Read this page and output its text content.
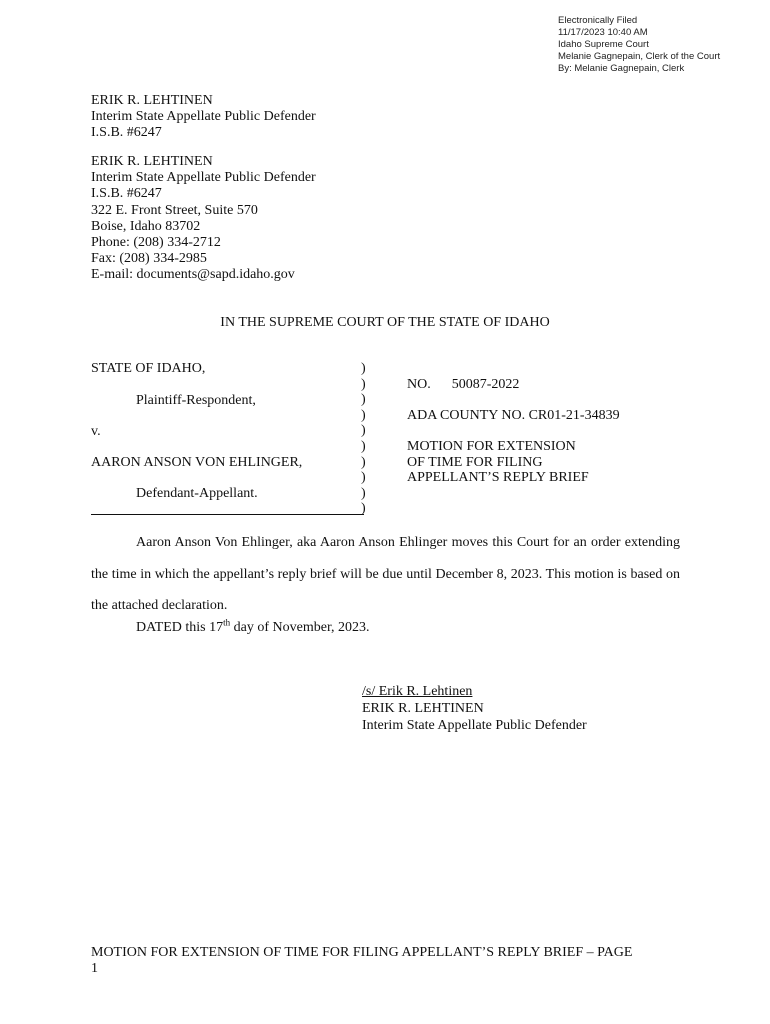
Electronically Filed
11/17/2023 10:40 AM
Idaho Supreme Court
Melanie Gagnepain, Clerk of the Court
By: Melanie Gagnepain, Clerk
ERIK R. LEHTINEN
Interim State Appellate Public Defender
I.S.B. #6247
ERIK R. LEHTINEN
Interim State Appellate Public Defender
I.S.B. #6247
322 E. Front Street, Suite 570
Boise, Idaho 83702
Phone: (208) 334-2712
Fax: (208) 334-2985
E-mail: documents@sapd.idaho.gov
IN THE SUPREME COURT OF THE STATE OF IDAHO
STATE OF IDAHO,
Plaintiff-Respondent,
v.
AARON ANSON VON EHLINGER,
Defendant-Appellant.
)
)
)
)
)
)
)
)
)
)
NO. 50087-2022
ADA COUNTY NO. CR01-21-34839
MOTION FOR EXTENSION
OF TIME FOR FILING
APPELLANT’S REPLY BRIEF

Aaron Anson Von Ehlinger, aka Aaron Anson Ehlinger moves this Court for an order extending the time in which the appellant’s reply brief will be due until December 8, 2023. This motion is based on the attached declaration.

DATED this 17th day of November, 2023.
/s/ Erik R. Lehtinen
ERIK R. LEHTINEN
Interim State Appellate Public Defender
MOTION FOR EXTENSION OF TIME FOR FILING APPELLANT’S REPLY BRIEF – PAGE
1
